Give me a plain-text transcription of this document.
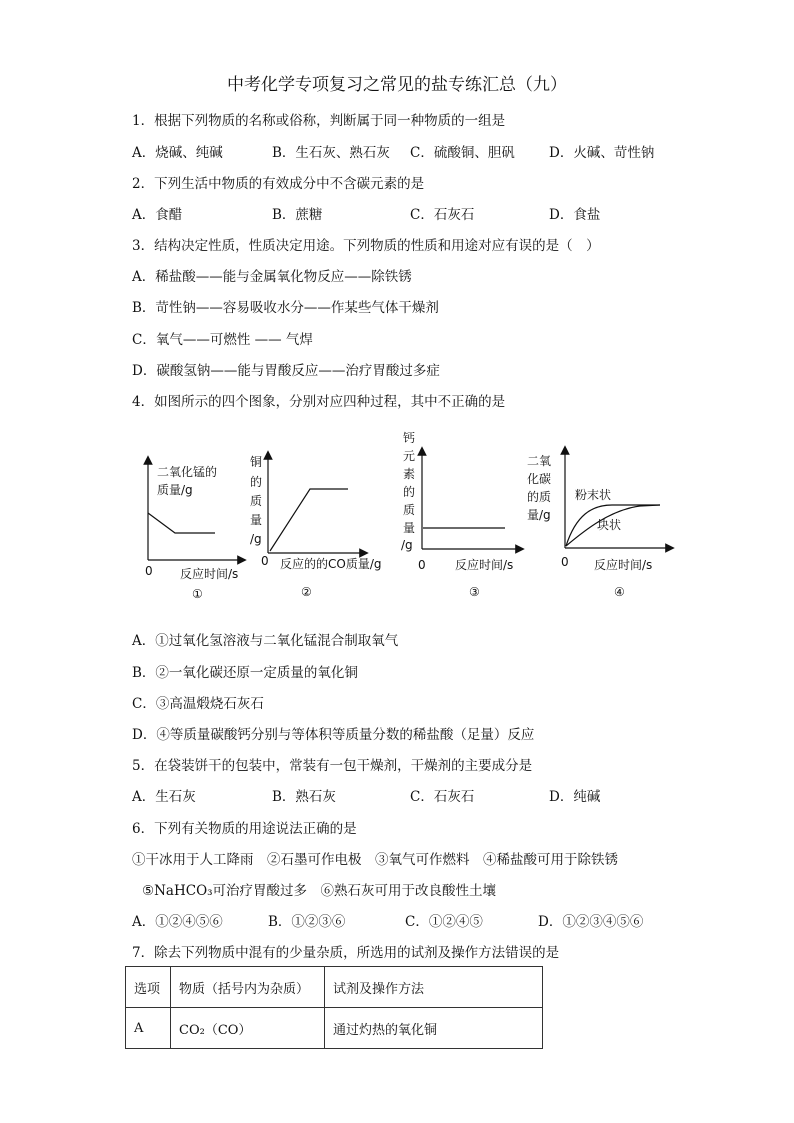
中考化学专项复习之常见的盐专练汇总（九）
1．根据下列物质的名称或俗称，判断属于同一种物质的一组是
A．烧碱、纯碱	B．生石灰、熟石灰 C．硫酸铜、胆矾	D．火碱、苛性钠
2．下列生活中物质的有效成分中不含碳元素的是
A．食醋	B．蔗糖	C．石灰石	D．食盐
3．结构决定性质，性质决定用途。下列物质的性质和用途对应有误的是（　）
A．稀盐酸——能与金属氧化物反应——除铁锈
B．苛性钠——容易吸收水分——作某些气体干燥剂
C．氧气——可燃性 —— 气焊
D．碳酸氢钠——能与胃酸反应——治疗胃酸过多症
4．如图所示的四个图象，分别对应四种过程，其中不正确的是
二氧化锰的
质量/g
0 反应时间/s
①
铜
的
质
量
/g
0 反应的的CO质量/g
②
钙
元
素
的
质
量
/g
0 反应时间/s
③
二氧
化碳
的质
量/g
粉末状
块状
0 反应时间/s
④
A．①过氧化氢溶液与二氧化锰混合制取氧气
B．②一氧化碳还原一定质量的氧化铜
C．③高温煅烧石灰石
D．④等质量碳酸钙分别与等体积等质量分数的稀盐酸（足量）反应
5．在袋装饼干的包装中，常装有一包干燥剂，干燥剂的主要成分是
A．生石灰	B．熟石灰	C．石灰石	D．纯碱
6．下列有关物质的用途说法正确的是
①干冰用于人工降雨　②石墨可作电极　③氧气可作燃料　④稀盐酸可用于除铁锈
⑤NaHCO₃可治疗胃酸过多　⑥熟石灰可用于改良酸性土壤
A．①②④⑤⑥	B．①②③⑥	C．①②④⑤	D．①②③④⑤⑥
7．除去下列物质中混有的少量杂质，所选用的试剂及操作方法错误的是
选项	物质（括号内为杂质）	试剂及操作方法
A	CO₂（CO）	通过灼热的氧化铜
